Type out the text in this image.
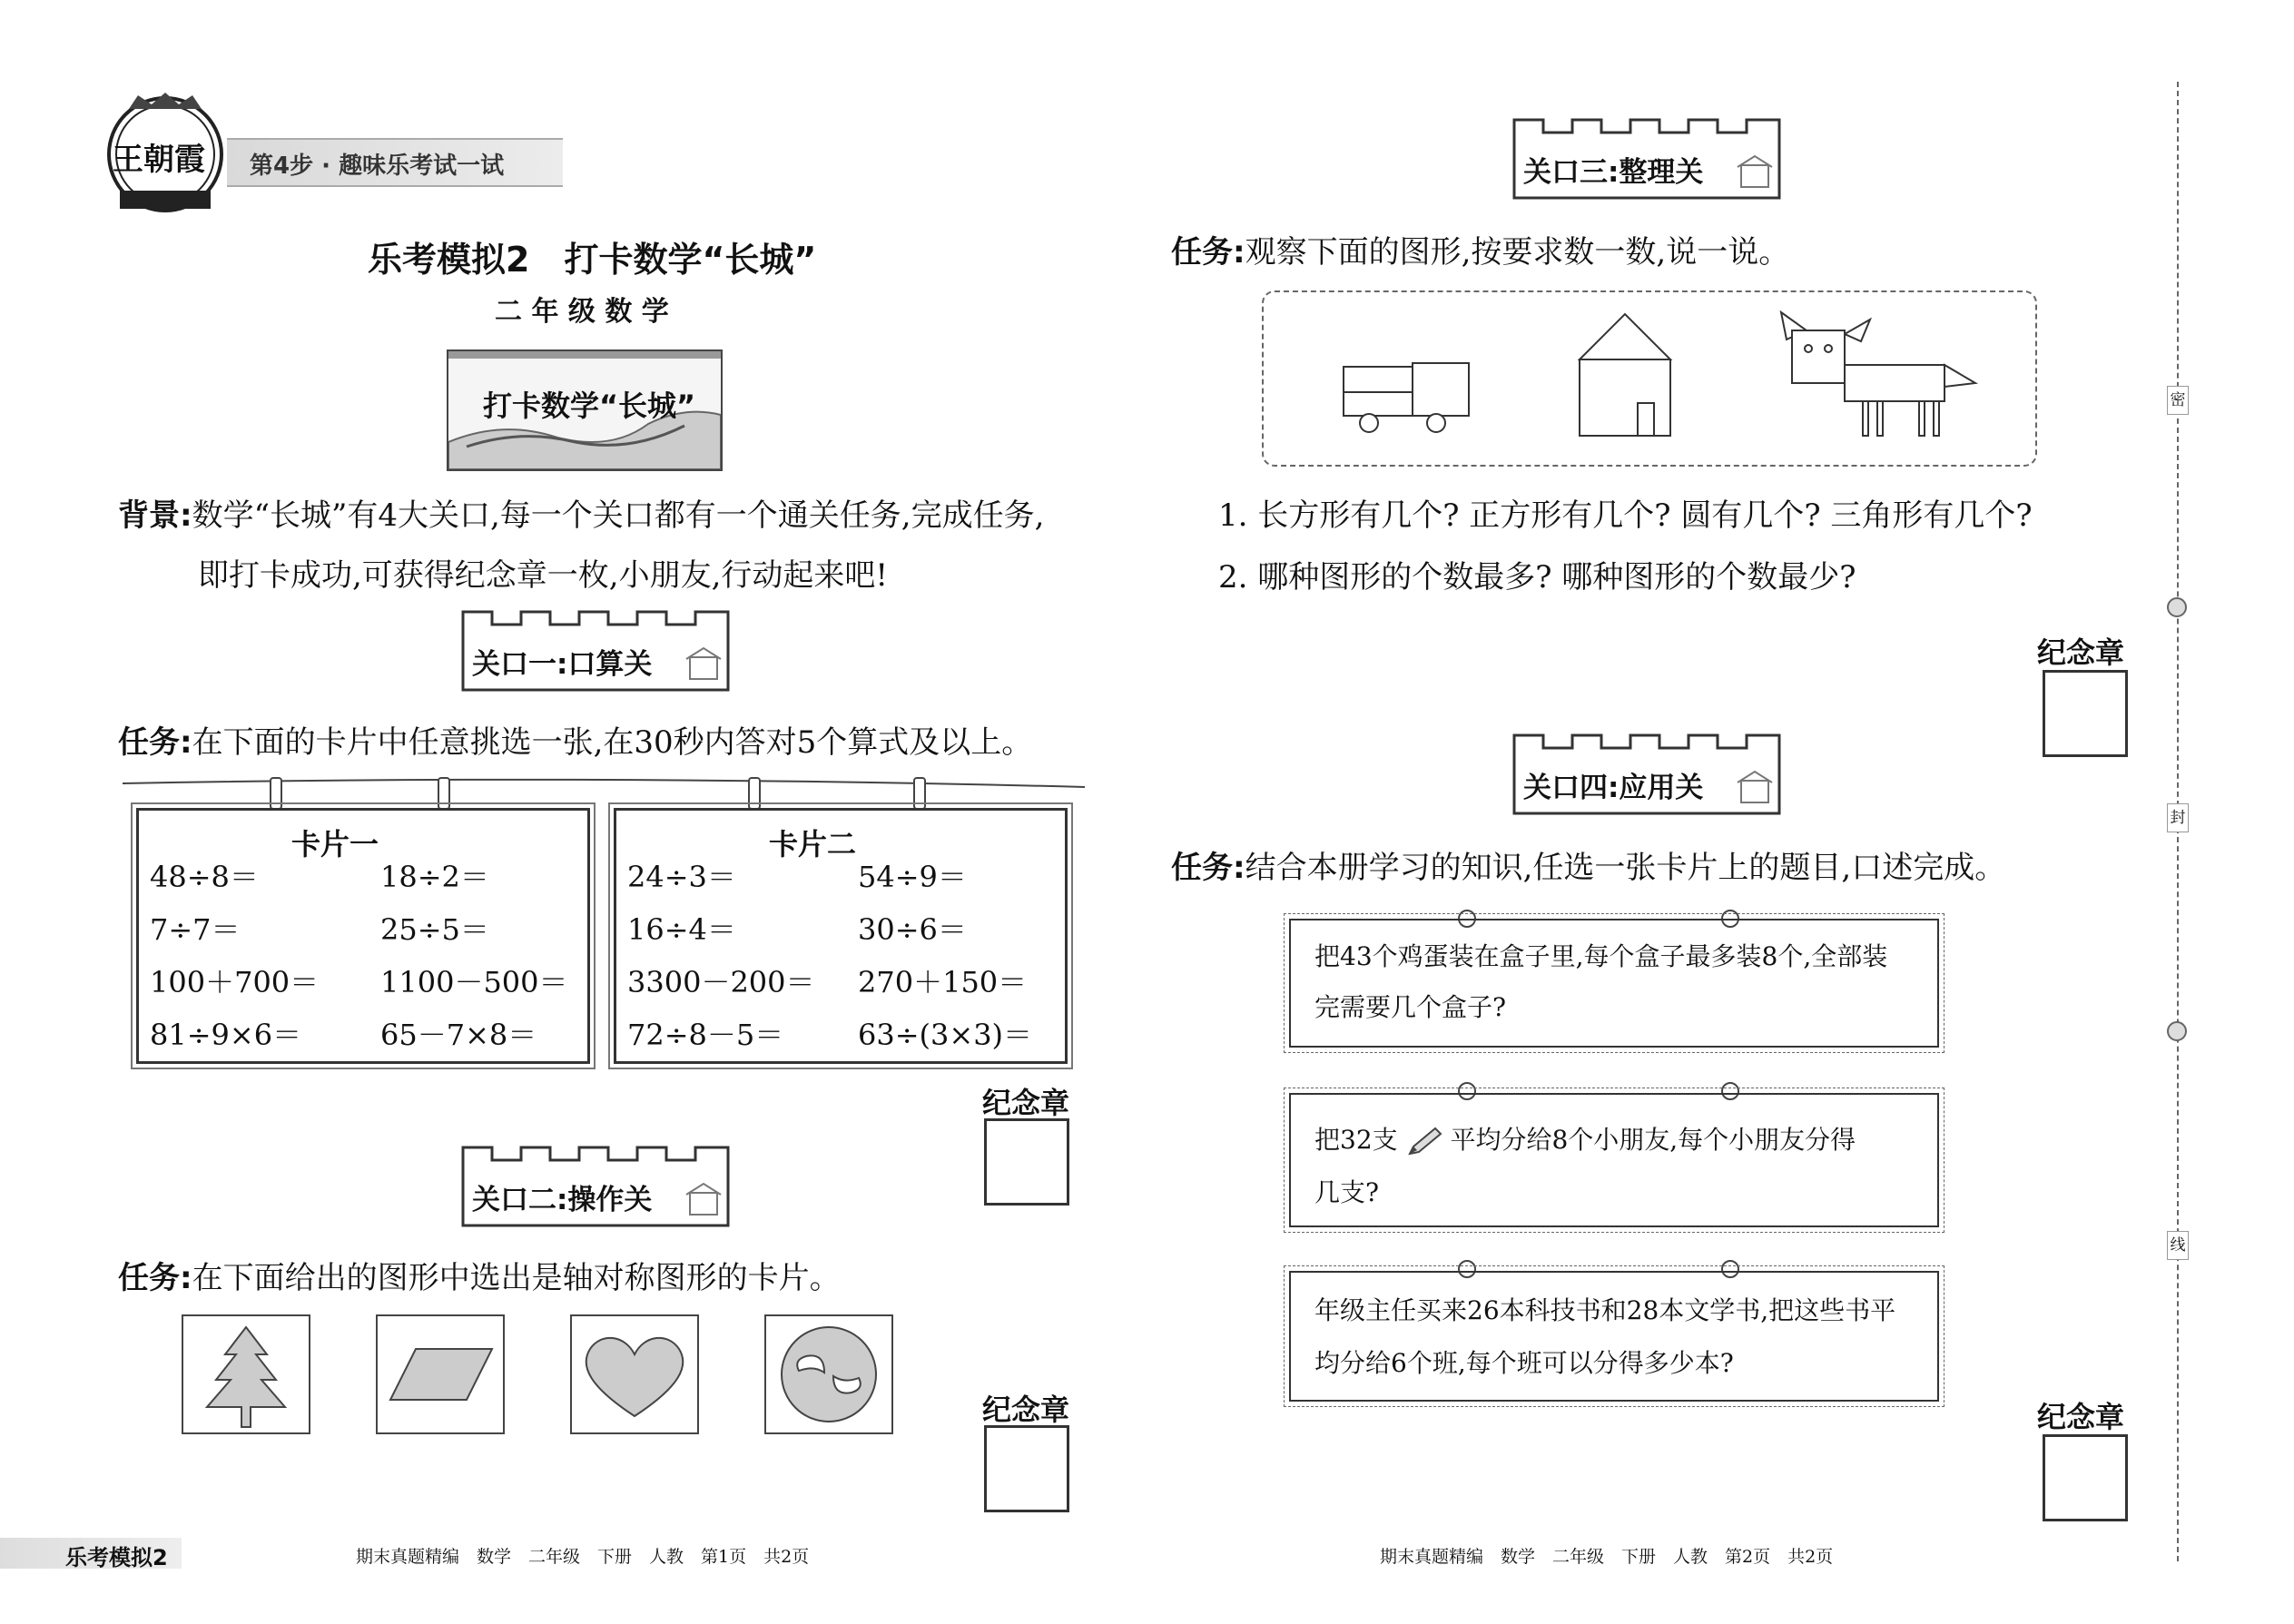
王朝霞 第4步 · 趣味乐考试一试
乐考模拟2　打卡数学“长城”
二 年 级 数 学
打卡数学“长城”
背景:数学“长城”有4大关口,每一个关口都有一个通关任务,完成任务,
即打卡成功,可获得纪念章一枚,小朋友,行动起来吧!
关口一:口算关
任务:在下面的卡片中任意挑选一张,在30秒内答对5个算式及以上。
卡片一
48÷8＝	18÷2＝
7÷7＝	25÷5＝
100＋700＝ 1100－500＝
81÷9×6＝	65－7×8＝
卡片二
24÷3＝	54÷9＝
16÷4＝	30÷6＝
3300－200＝ 270＋150＝
72÷8－5＝	63÷(3×3)＝
纪念章
关口二:操作关
任务:在下面给出的图形中选出是轴对称图形的卡片。
纪念章
乐考模拟2	期末真题精编　数学　二年级　下册　人教　第1页　共2页
关口三:整理关
任务:观察下面的图形,按要求数一数,说一说。
1. 长方形有几个? 正方形有几个? 圆有几个? 三角形有几个?
2. 哪种图形的个数最多? 哪种图形的个数最少?
纪念章
关口四:应用关
任务:结合本册学习的知识,任选一张卡片上的题目,口述完成。
把43个鸡蛋装在盒子里,每个盒子最多装8个,全部装
完需要几个盒子?
把32支 平均分给8个小朋友,每个小朋友分得
几支?
年级主任买来26本科技书和28本文学书,把这些书平
均分给6个班,每个班可以分得多少本?
纪念章
期末真题精编　数学　二年级　下册　人教　第2页　共2页
密
封
线
